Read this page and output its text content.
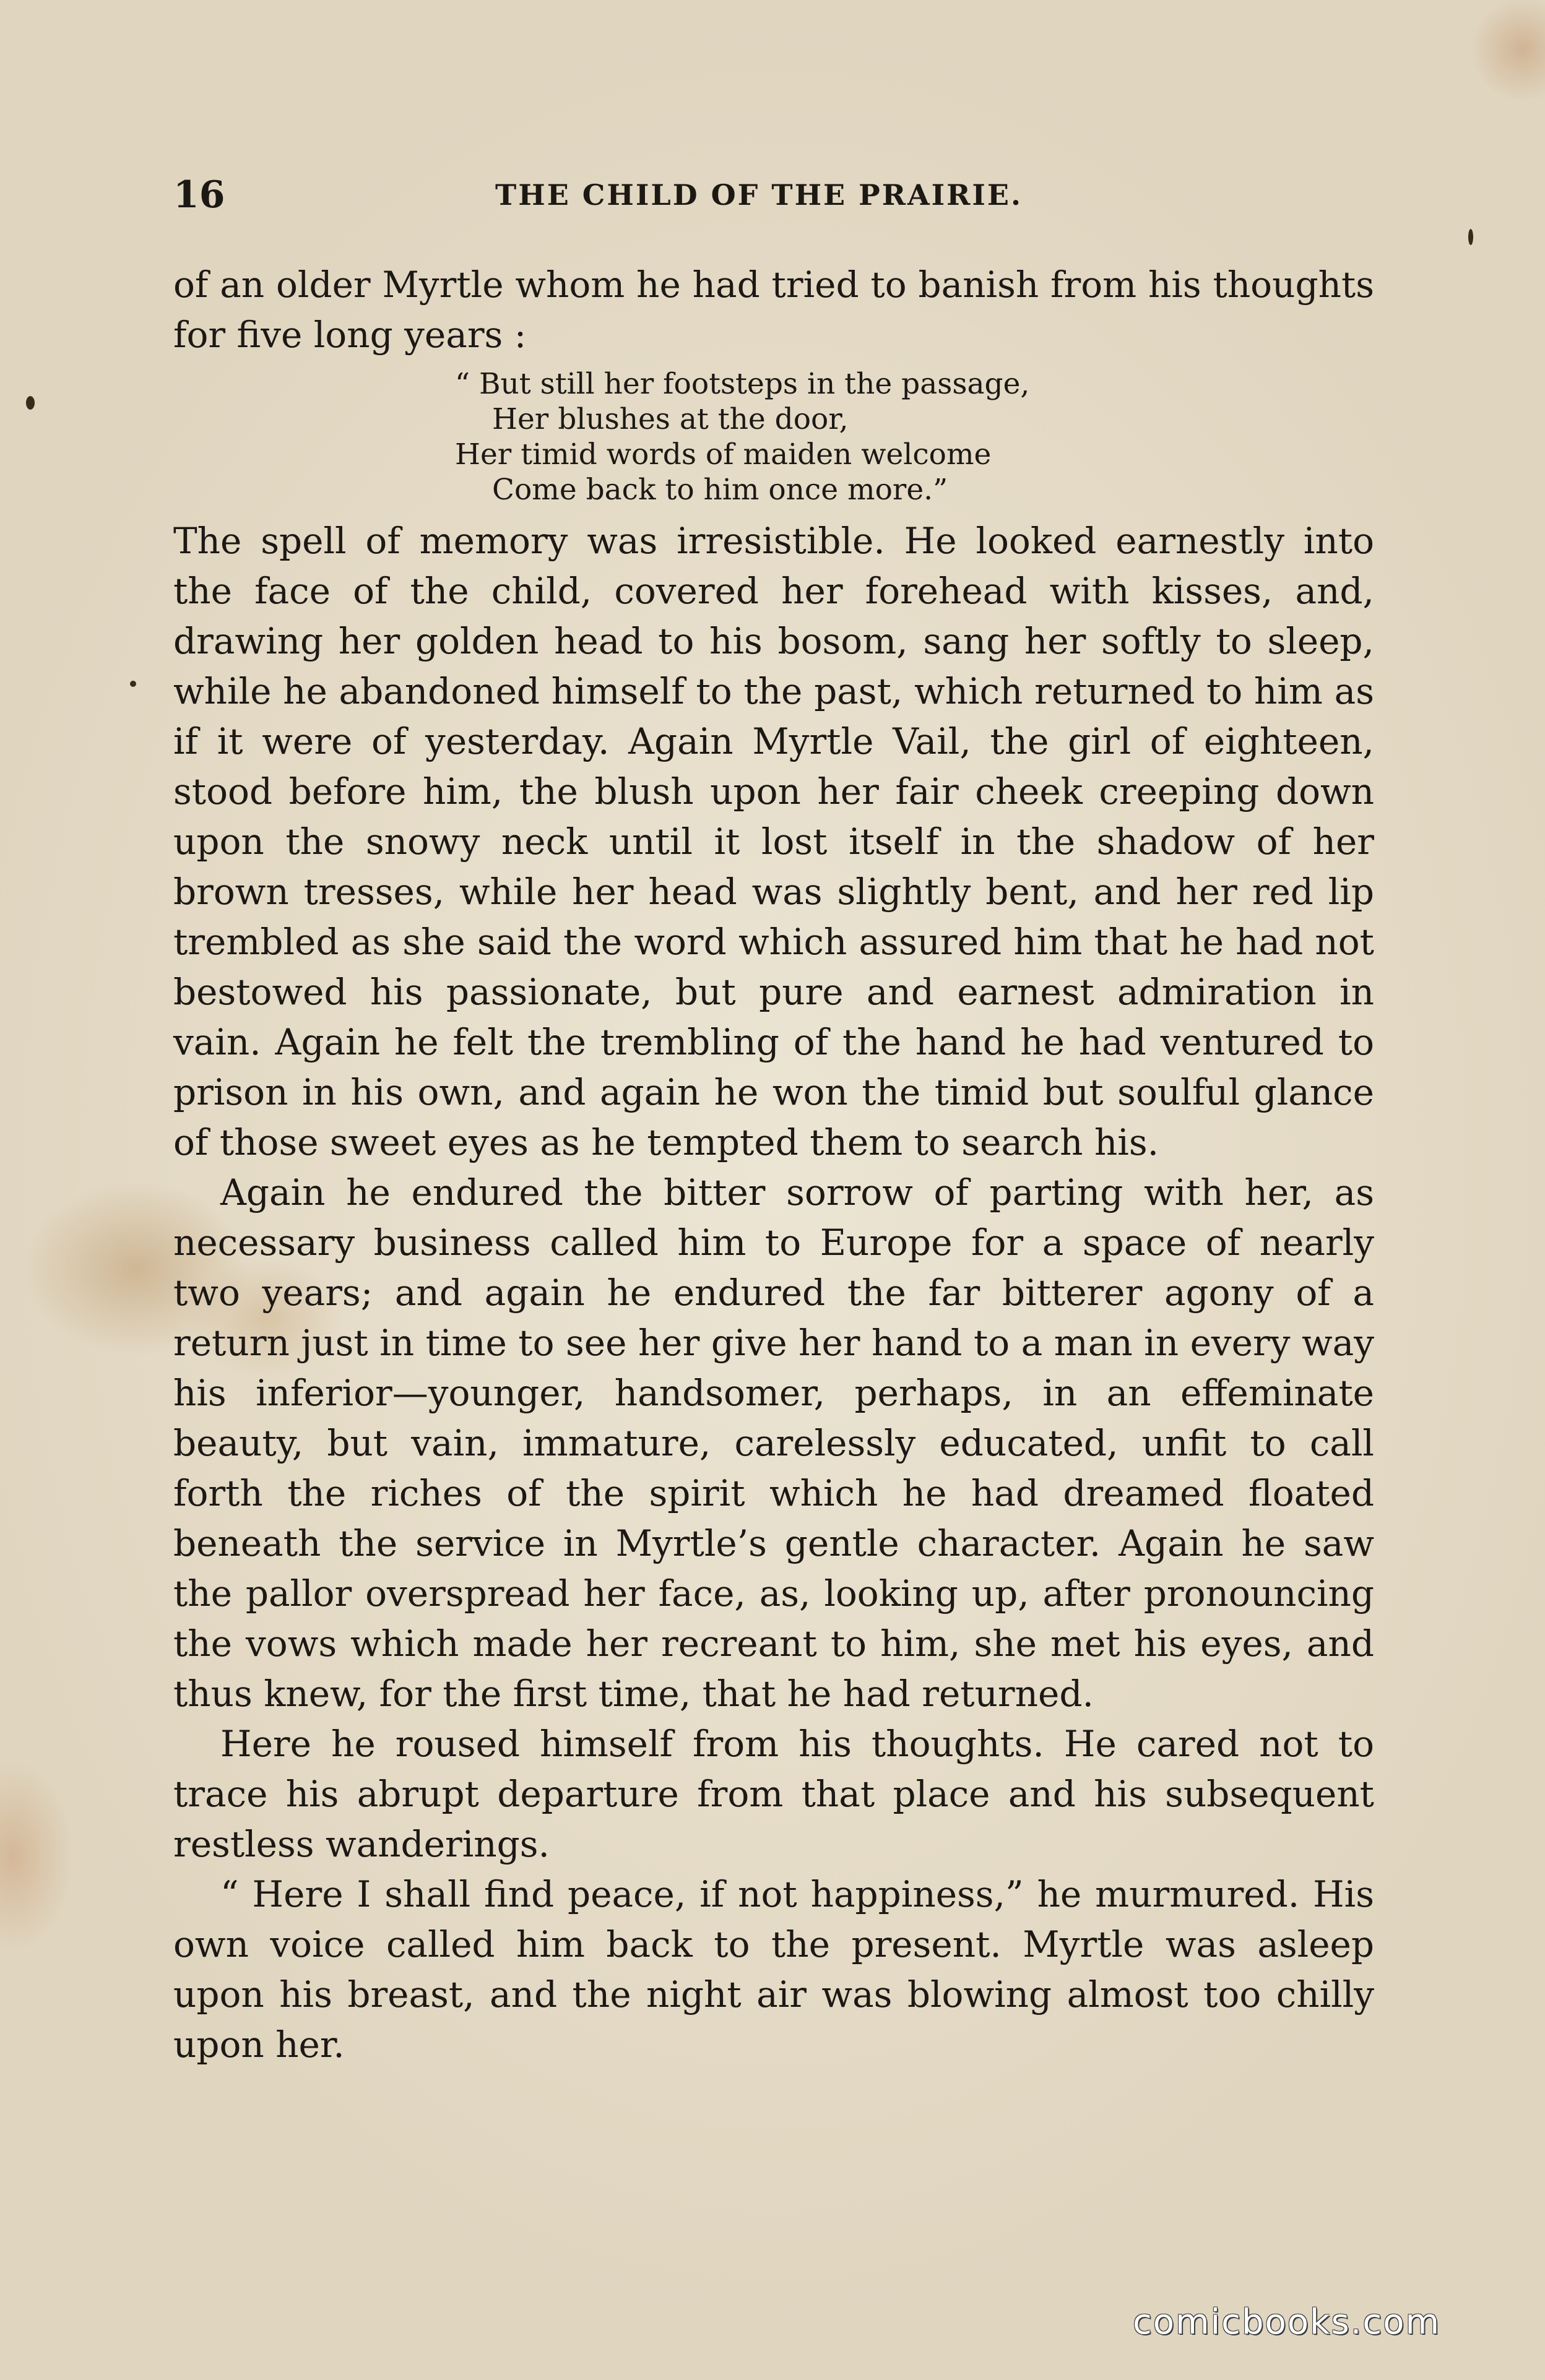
16	THE CHILD OF THE PRAIRIE.

of an older Myrtle whom he had tried to banish from his thoughts for five long years :

“ But still her footsteps in the passage,
Her blushes at the door,
Her timid words of maiden welcome
Come back to him once more.”

The spell of memory was irresistible. He looked earnestly into the face of the child, covered her forehead with kisses, and, drawing her golden head to his bosom, sang her softly to sleep, while he abandoned himself to the past, which returned to him as if it were of yesterday. Again Myrtle Vail, the girl of eighteen, stood before him, the blush upon her fair cheek creeping down upon the snowy neck until it lost itself in the shadow of her brown tresses, while her head was slightly bent, and her red lip trembled as she said the word which assured him that he had not bestowed his passionate, but pure and earnest admiration in vain. Again he felt the trembling of the hand he had ventured to prison in his own, and again he won the timid but soulful glance of those sweet eyes as he tempted them to search his.

Again he endured the bitter sorrow of parting with her, as necessary business called him to Europe for a space of nearly two years; and again he endured the far bitterer agony of a return just in time to see her give her hand to a man in every way his inferior—younger, handsomer, perhaps, in an effeminate beauty, but vain, immature, carelessly educated, unfit to call forth the riches of the spirit which he had dreamed floated beneath the service in Myrtle’s gentle character. Again he saw the pallor overspread her face, as, looking up, after pronouncing the vows which made her recreant to him, she met his eyes, and thus knew, for the first time, that he had returned.

Here he roused himself from his thoughts. He cared not to trace his abrupt departure from that place and his subsequent restless wanderings.

“ Here I shall find peace, if not happiness,” he murmured. His own voice called him back to the present. Myrtle was asleep upon his breast, and the night air was blowing almost too chilly upon her.

comicbooks.com
